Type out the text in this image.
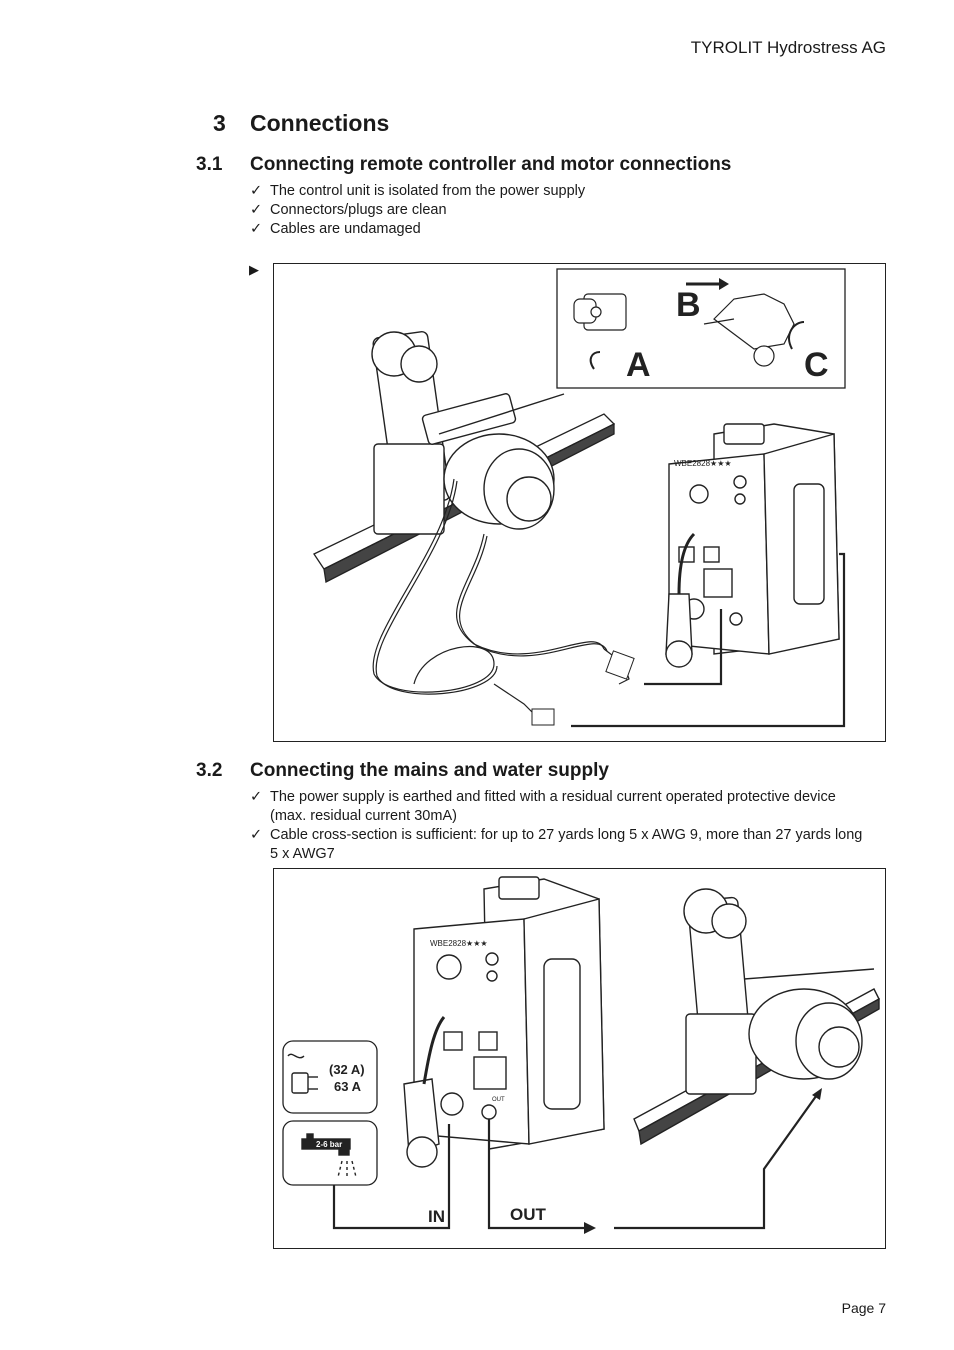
TYROLIT Hydrostress AG
3 Connections
3.1 Connecting remote controller and motor connections
✓ The control unit is isolated from the power supply
✓ Connectors/plugs are clean
✓ Cables are undamaged
▶
B
A	C
WBE2828★★★
3.2 Connecting the mains and water supply
✓ The power supply is earthed and fitted with a residual current operated protective device (max. residual current 30mA)
✓ Cable cross-section is sufficient: for up to 27 yards long 5 x AWG 9, more than 27 yards long 5 x AWG7
WBE2828★★★
OUT
(32 A)
63 A
2-6 bar
IN	OUT
Page 7
